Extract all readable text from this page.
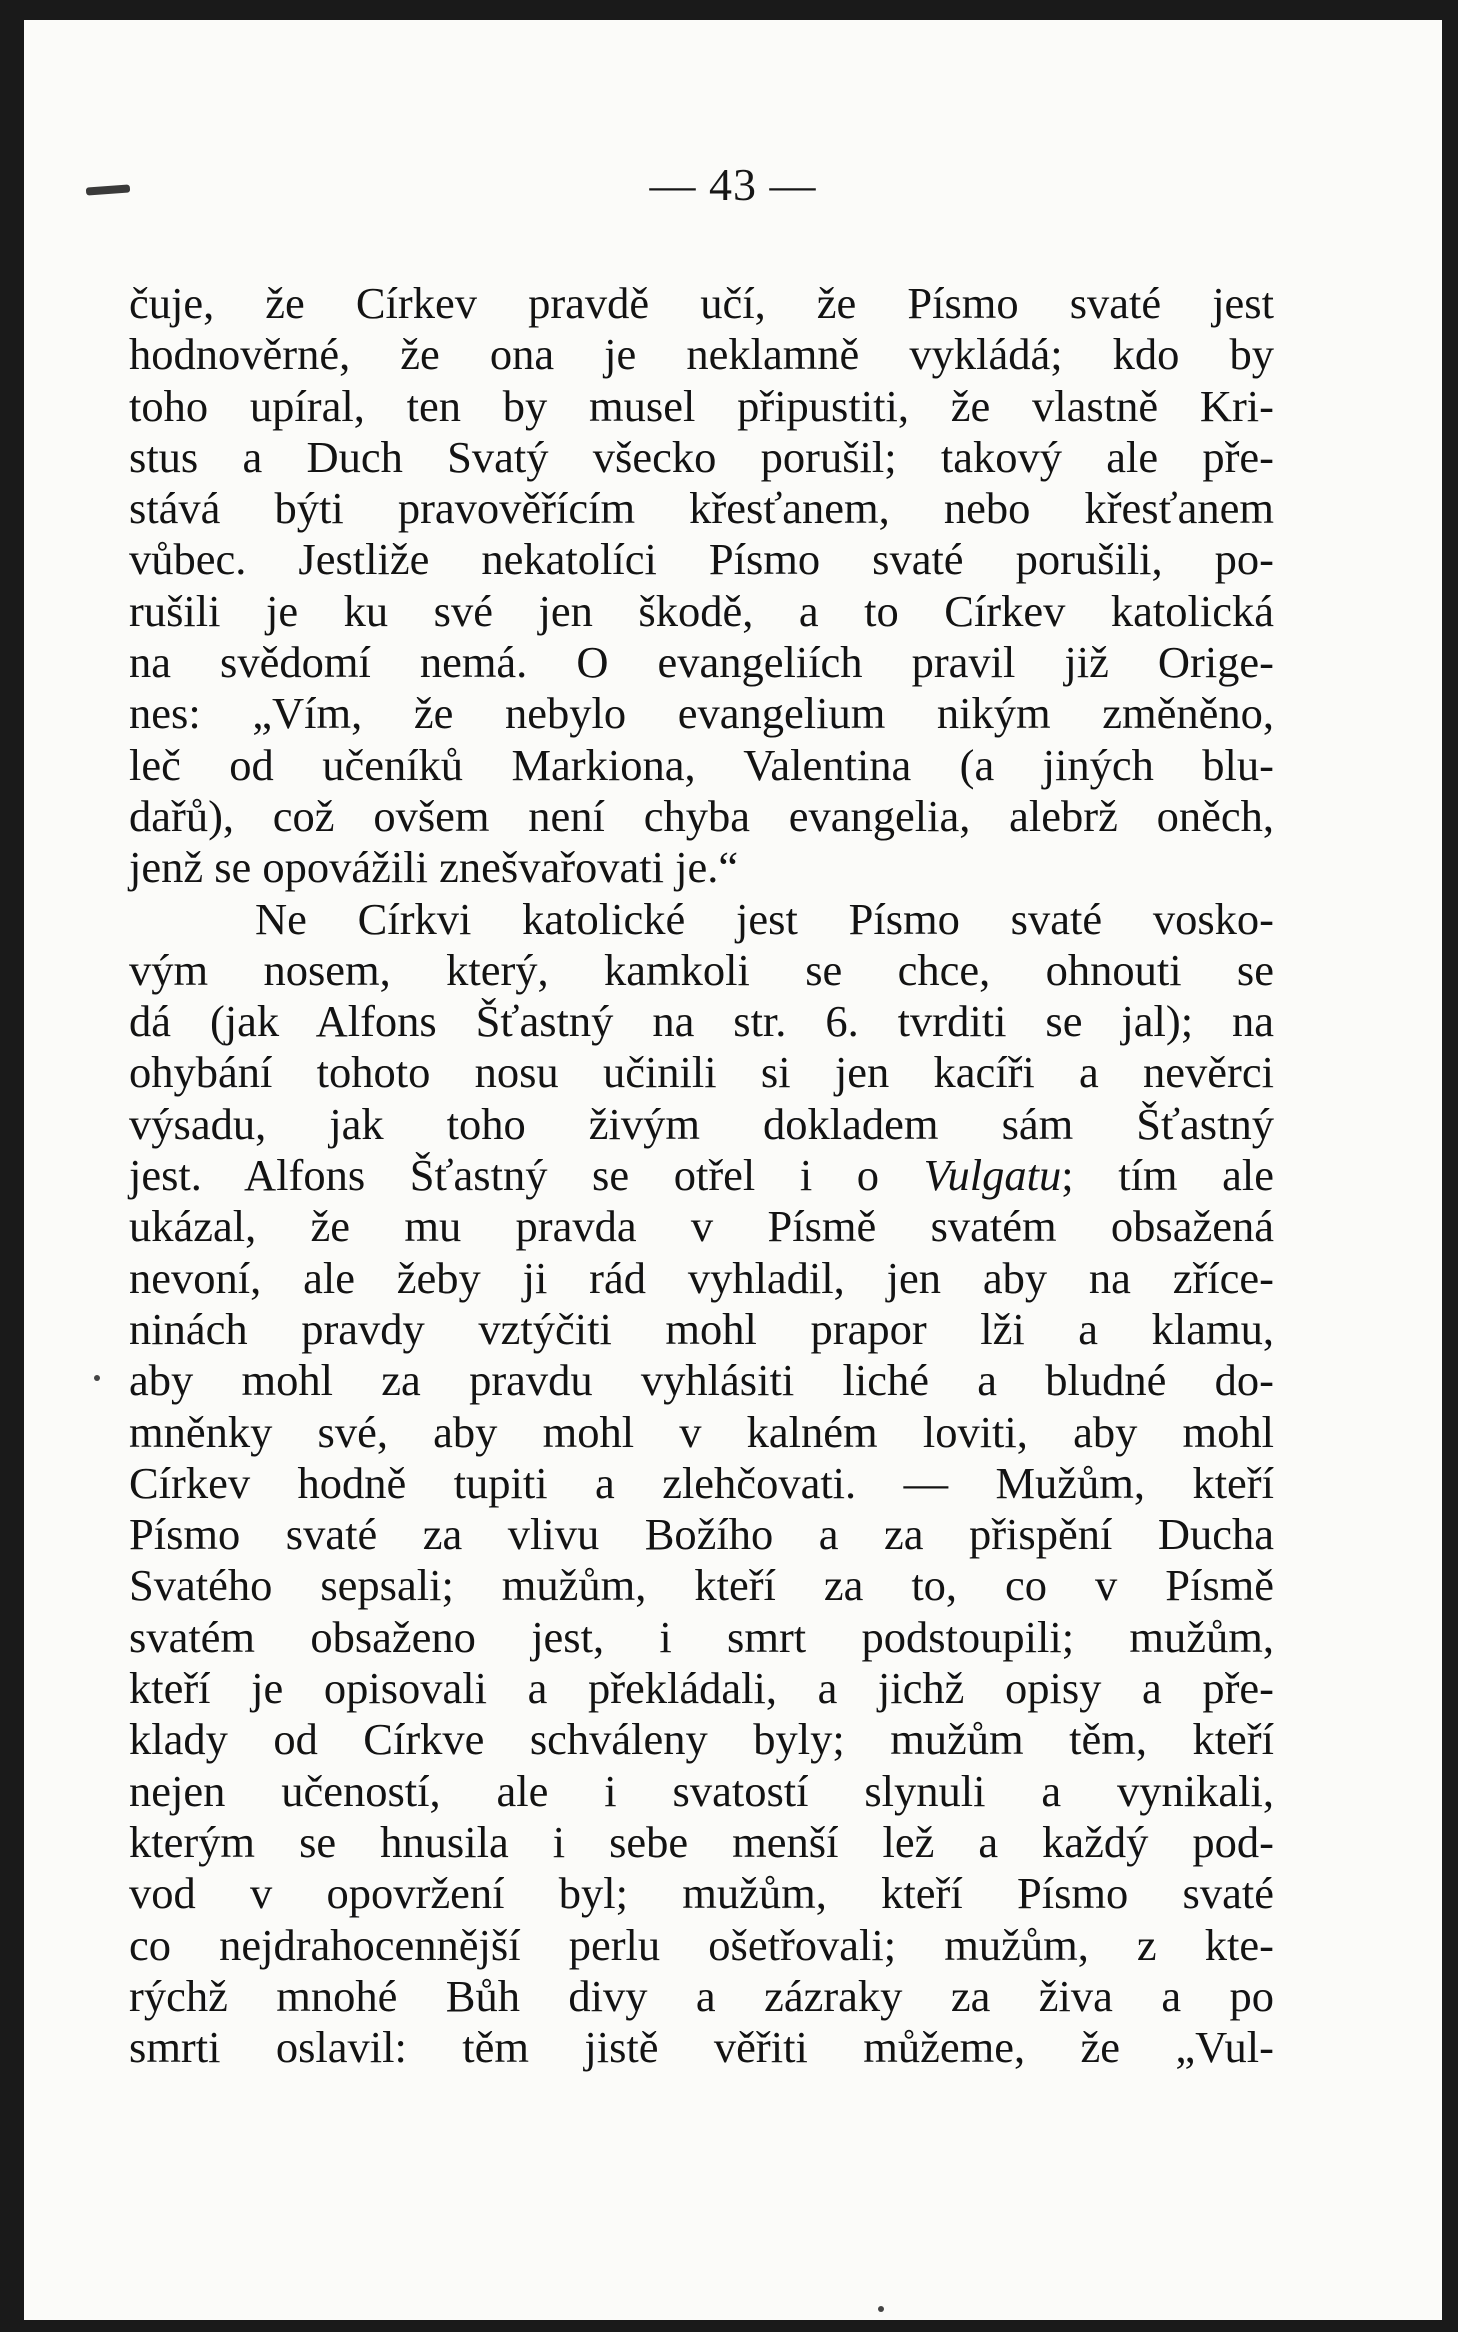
— 43 —
čuje, že Církev pravdě učí, že Písmo svaté jest
hodnověrné, že ona je neklamně vykládá; kdo by
toho upíral, ten by musel připustiti, že vlastně Kri-
stus a Duch Svatý všecko porušil; takový ale pře-
stává býti pravověřícím křesťanem, nebo křesťanem
vůbec. Jestliže nekatolíci Písmo svaté porušili, po-
rušili je ku své jen škodě, a to Církev katolická
na svědomí nemá. O evangeliích pravil již Orige-
nes: „Vím, že nebylo evangelium nikým změněno,
leč od učeníků Markiona, Valentina (a jiných blu-
dařů), což ovšem není chyba evangelia, alebrž oněch,
jenž se opovážili znešvařovati je.“
Ne Církvi katolické jest Písmo svaté vosko-
vým nosem, který, kamkoli se chce, ohnouti se
dá (jak Alfons Šťastný na str. 6. tvrditi se jal); na
ohybání tohoto nosu učinili si jen kacíři a nevěrci
výsadu, jak toho živým dokladem sám Šťastný
jest. Alfons Šťastný se otřel i o Vulgatu; tím ale
ukázal, že mu pravda v Písmě svatém obsažená
nevoní, ale žeby ji rád vyhladil, jen aby na zříce-
ninách pravdy vztýčiti mohl prapor lži a klamu,
aby mohl za pravdu vyhlásiti liché a bludné do-
mněnky své, aby mohl v kalném loviti, aby mohl
Církev hodně tupiti a zlehčovati. — Mužům, kteří
Písmo svaté za vlivu Božího a za přispění Ducha
Svatého sepsali; mužům, kteří za to, co v Písmě
svatém obsaženo jest, i smrt podstoupili; mužům,
kteří je opisovali a překládali, a jichž opisy a pře-
klady od Církve schváleny byly; mužům těm, kteří
nejen učeností, ale i svatostí slynuli a vynikali,
kterým se hnusila i sebe menší lež a každý pod-
vod v opovržení byl; mužům, kteří Písmo svaté
co nejdrahocennější perlu ošetřovali; mužům, z kte-
rýchž mnohé Bůh divy a zázraky za živa a po
smrti oslavil: těm jistě věřiti můžeme, že „Vul-
